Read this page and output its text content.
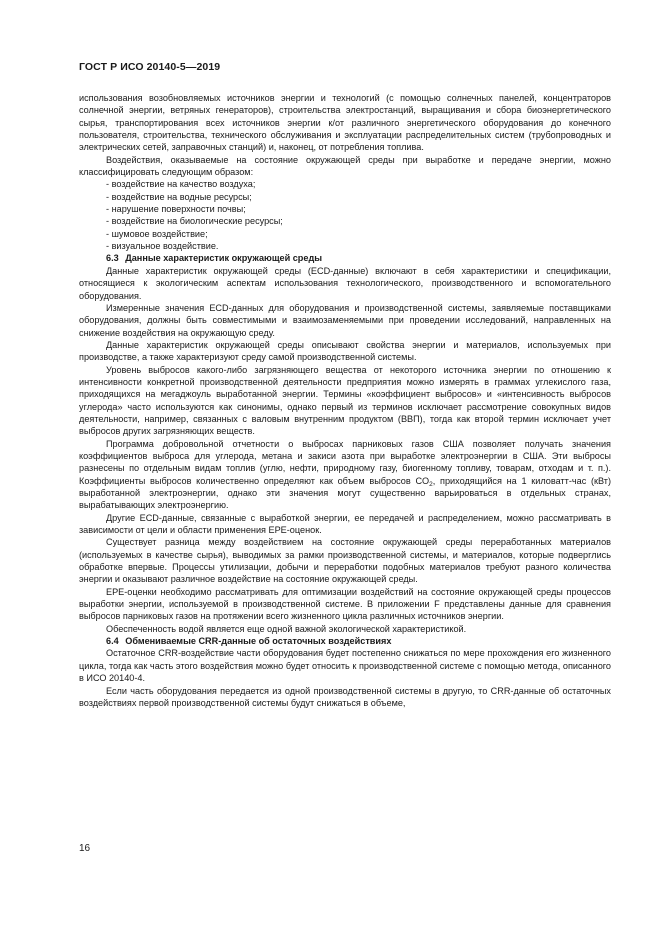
ГОСТ Р ИСО 20140-5—2019

использования возобновляемых источников энергии и технологий (с помощью солнечных панелей, концентраторов солнечной энергии, ветряных генераторов), строительства электростанций, выращивания и сбора биоэнергетического сырья, транспортирования всех источников энергии к/от различного энергетического оборудования до конечного пользователя, строительства, технического обслуживания и эксплуатации распределительных систем (трубопроводных и электрических сетей, заправочных станций) и, наконец, от потребления топлива.

Воздействия, оказываемые на состояние окружающей среды при выработке и передаче энергии, можно классифицировать следующим образом:

- воздействие на качество воздуха;
- воздействие на водные ресурсы;
- нарушение поверхности почвы;
- воздействие на биологические ресурсы;
- шумовое воздействие;
- визуальное воздействие.

6.3 Данные характеристик окружающей среды

Данные характеристик окружающей среды (ECD-данные) включают в себя характеристики и спецификации, относящиеся к экологическим аспектам использования технологического, производственного и вспомогательного оборудования.

Измеренные значения ECD-данных для оборудования и производственной системы, заявляемые поставщиками оборудования, должны быть совместимыми и взаимозаменяемыми при проведении исследований, направленных на снижение воздействия на окружающую среду.

Данные характеристик окружающей среды описывают свойства энергии и материалов, используемых при производстве, а также характеризуют среду самой производственной системы.

Уровень выбросов какого-либо загрязняющего вещества от некоторого источника энергии по отношению к интенсивности конкретной производственной деятельности предприятия можно измерять в граммах углекислого газа, приходящихся на мегаджоуль выработанной энергии. Термины «коэффициент выбросов» и «интенсивность выбросов углерода» часто используются как синонимы, однако первый из терминов исключает рассмотрение совокупных видов деятельности, например, связанных с валовым внутренним продуктом (ВВП), тогда как второй термин исключает учет выбросов других загрязняющих веществ.

Программа добровольной отчетности о выбросах парниковых газов США позволяет получать значения коэффициентов выброса для углерода, метана и закиси азота при выработке электроэнергии в США. Эти выбросы разнесены по отдельным видам топлив (углю, нефти, природному газу, биогенному топливу, товарам, отходам и т. п.). Коэффициенты выбросов количественно определяют как объем выбросов $CO_2$, приходящийся на 1 киловатт-час (кВт) выработанной электроэнергии, однако эти значения могут существенно варьироваться в отдельных странах, вырабатывающих электроэнергию.

Другие ECD-данные, связанные с выработкой энергии, ее передачей и распределением, можно рассматривать в зависимости от цели и области применения EPE-оценок.

Существует разница между воздействием на состояние окружающей среды переработанных материалов (используемых в качестве сырья), выводимых за рамки производственной системы, и материалов, которые подверглись обработке впервые. Процессы утилизации, добычи и переработки подобных материалов требуют разного количества энергии и оказывают различное воздействие на состояние окружающей среды.

EPE-оценки необходимо рассматривать для оптимизации воздействий на состояние окружающей среды процессов выработки энергии, используемой в производственной системе. В приложении F представлены данные для сравнения выбросов парниковых газов на протяжении всего жизненного цикла различных источников энергии.

Обеспеченность водой является еще одной важной экологической характеристикой.

6.4 Обмениваемые CRR-данные об остаточных воздействиях

Остаточное CRR-воздействие части оборудования будет постепенно снижаться по мере прохождения его жизненного цикла, тогда как часть этого воздействия можно будет относить к производственной системе с помощью метода, описанного в ИСО 20140-4.

Если часть оборудования передается из одной производственной системы в другую, то CRR-данные об остаточных воздействиях первой производственной системы будут снижаться в объеме,

16
